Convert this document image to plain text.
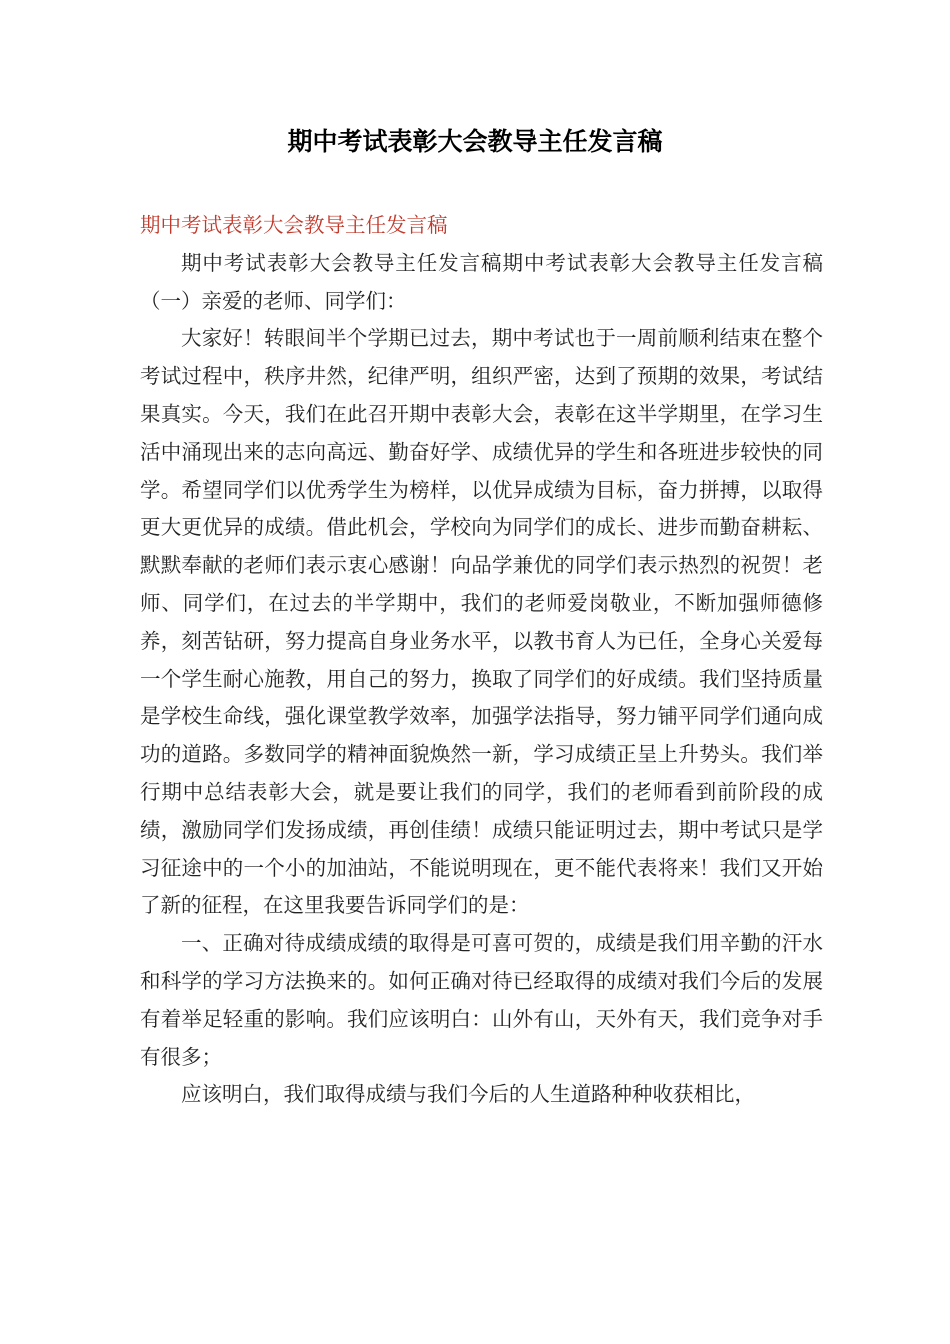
期中考试表彰大会教导主任发言稿

期中考试表彰大会教导主任发言稿

期中考试表彰大会教导主任发言稿期中考试表彰大会教导主任发言稿（一）亲爱的老师、同学们：

大家好！转眼间半个学期已过去，期中考试也于一周前顺利结束在整个考试过程中，秩序井然，纪律严明，组织严密，达到了预期的效果，考试结果真实。今天，我们在此召开期中表彰大会，表彰在这半学期里，在学习生活中涌现出来的志向高远、勤奋好学、成绩优异的学生和各班进步较快的同学。希望同学们以优秀学生为榜样，以优异成绩为目标，奋力拼搏，以取得更大更优异的成绩。借此机会，学校向为同学们的成长、进步而勤奋耕耘、默默奉献的老师们表示衷心感谢！向品学兼优的同学们表示热烈的祝贺！老师、同学们，在过去的半学期中，我们的老师爱岗敬业，不断加强师德修养，刻苦钻研，努力提高自身业务水平，以教书育人为已任，全身心关爱每一个学生耐心施教，用自己的努力，换取了同学们的好成绩。我们坚持质量是学校生命线，强化课堂教学效率，加强学法指导，努力铺平同学们通向成功的道路。多数同学的精神面貌焕然一新，学习成绩正呈上升势头。我们举行期中总结表彰大会，就是要让我们的同学，我们的老师看到前阶段的成绩，激励同学们发扬成绩，再创佳绩！成绩只能证明过去，期中考试只是学习征途中的一个小的加油站，不能说明现在，更不能代表将来！我们又开始了新的征程，在这里我要告诉同学们的是：

一、正确对待成绩成绩的取得是可喜可贺的，成绩是我们用辛勤的汗水和科学的学习方法换来的。如何正确对待已经取得的成绩对我们今后的发展有着举足轻重的影响。我们应该明白：山外有山，天外有天，我们竞争对手有很多；

应该明白，我们取得成绩与我们今后的人生道路种种收获相比，
